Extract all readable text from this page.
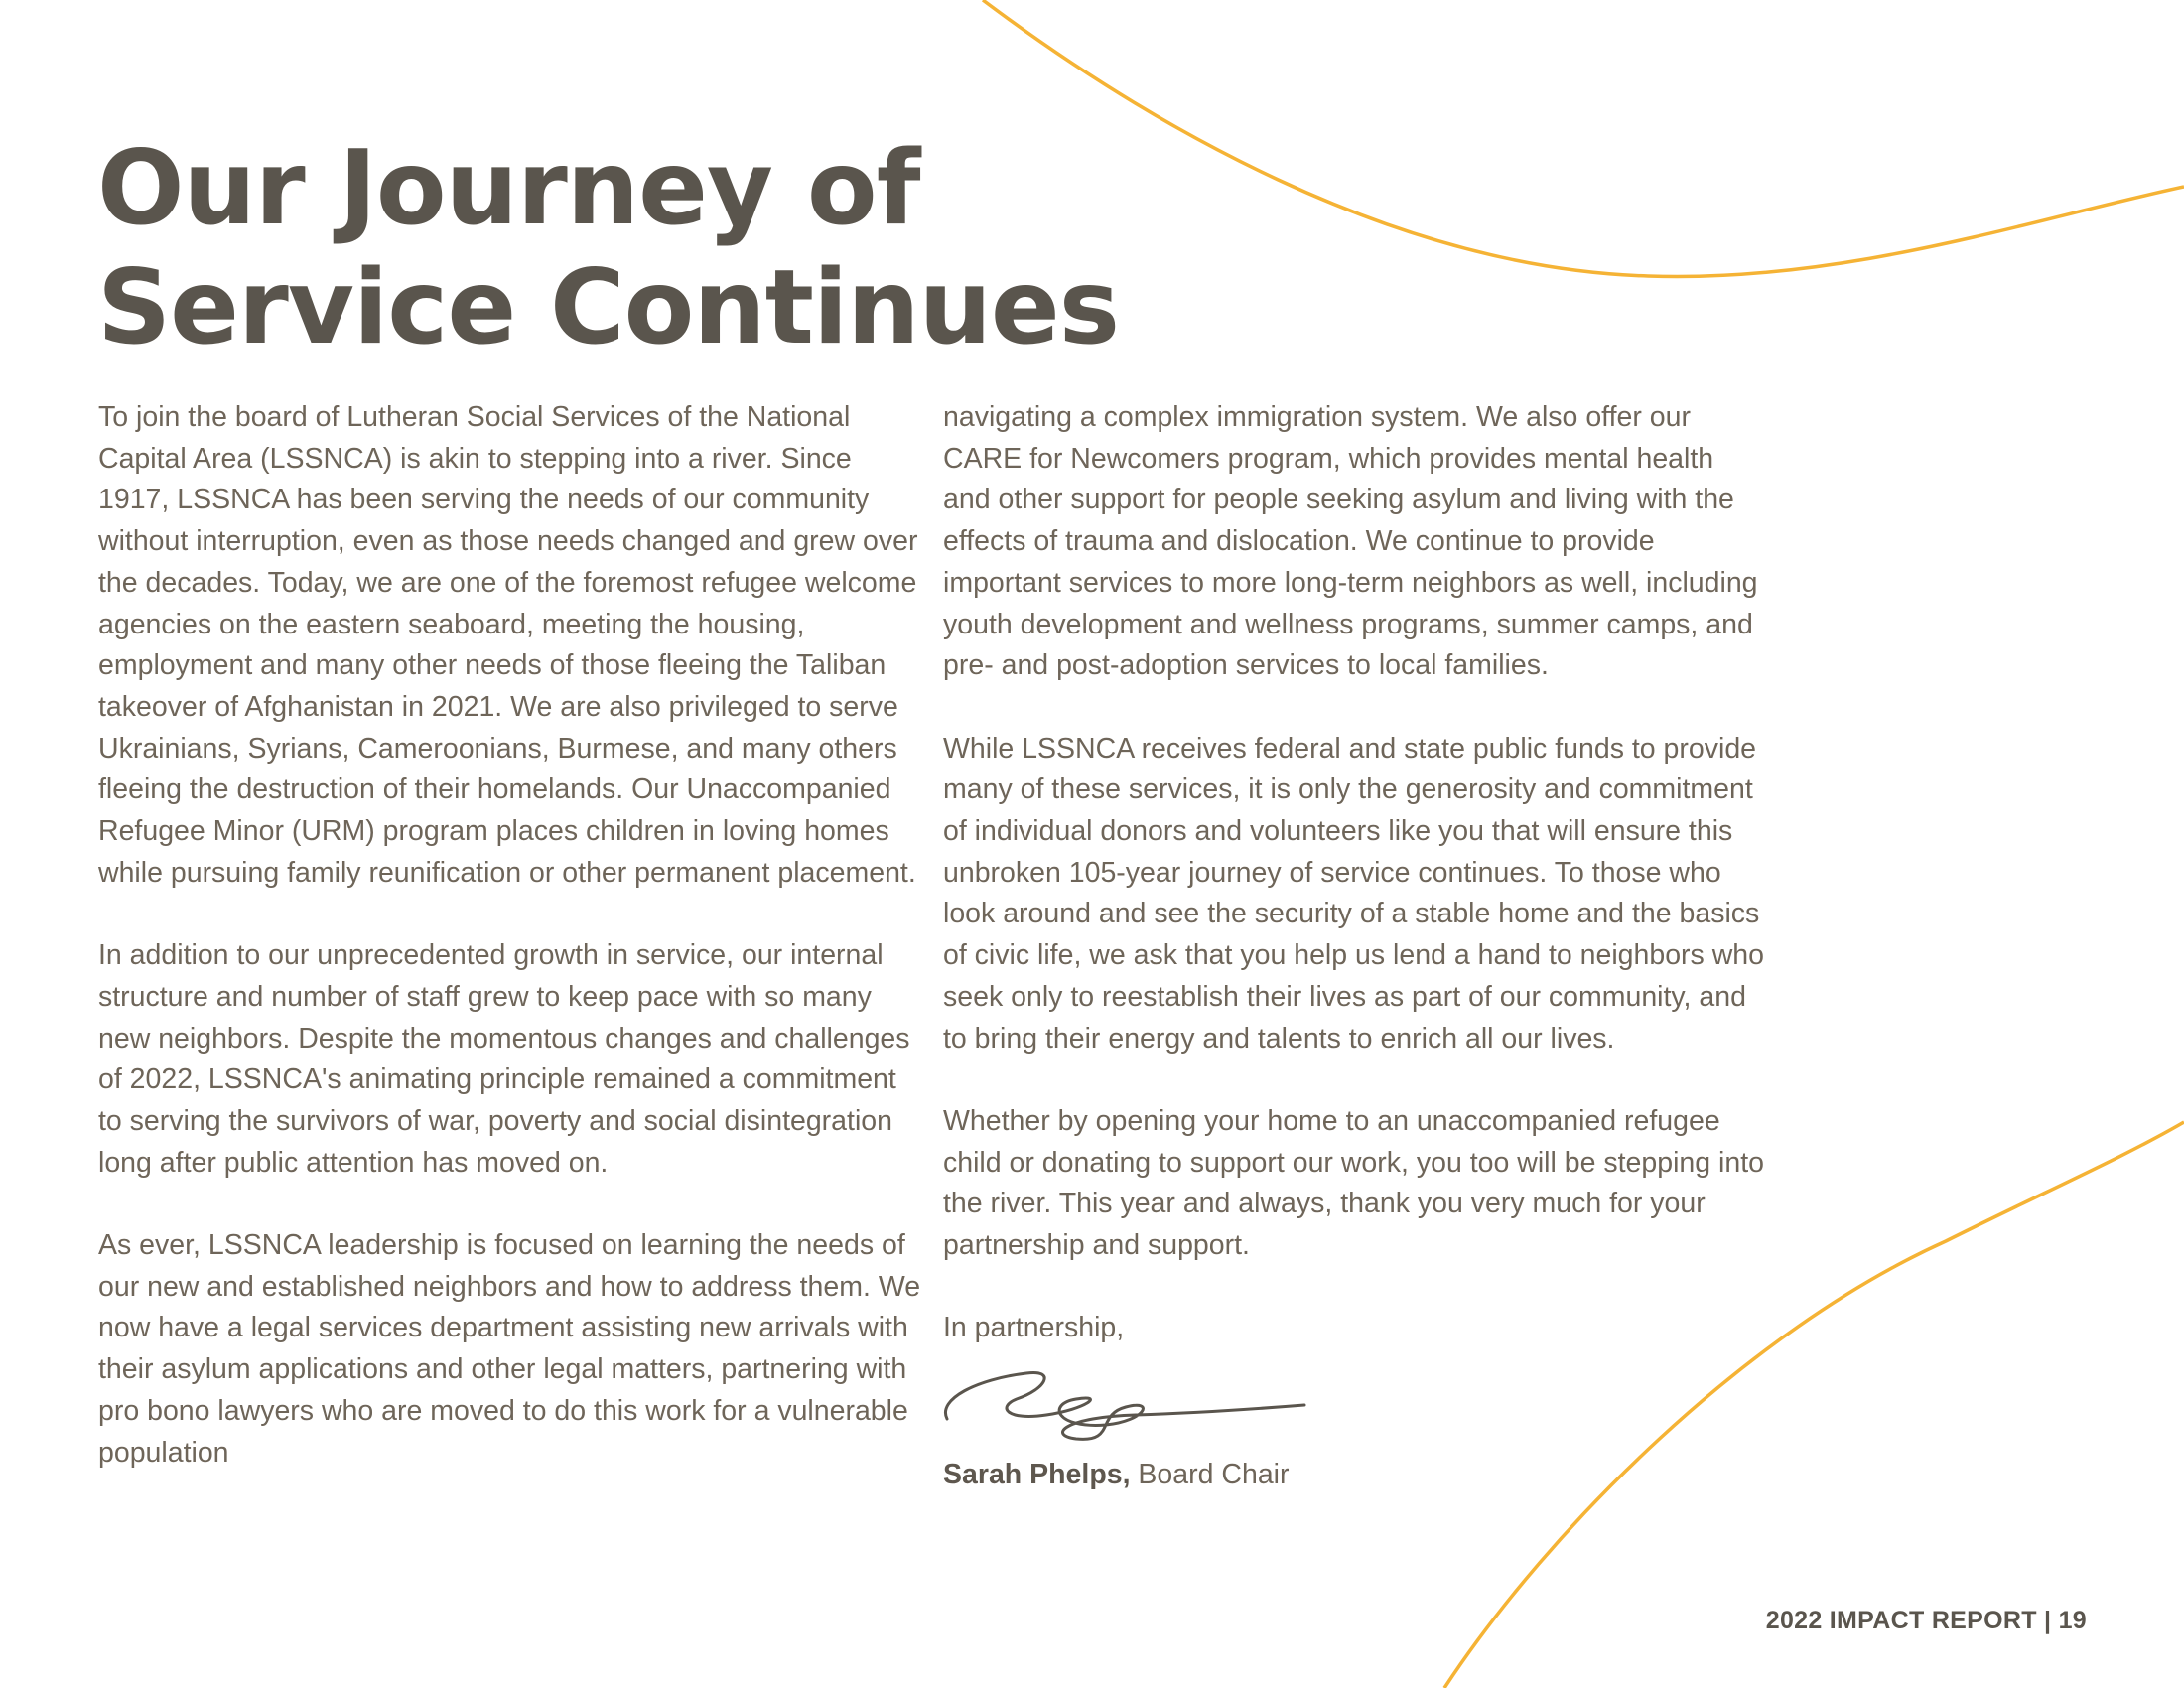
Our Journey of
Service Continues

To join the board of Lutheran Social Services of the National Capital Area (LSSNCA) is akin to stepping into a river. Since 1917, LSSNCA has been serving the needs of our community without interruption, even as those needs changed and grew over the decades. Today, we are one of the foremost refugee welcome agencies on the eastern seaboard, meeting the housing, employment and many other needs of those fleeing the Taliban takeover of Afghanistan in 2021. We are also privileged to serve Ukrainians, Syrians, Cameroonians, Burmese, and many others fleeing the destruction of their homelands. Our Unaccompanied Refugee Minor (URM) program places children in loving homes while pursuing family reunification or other permanent placement.

In addition to our unprecedented growth in service, our internal structure and number of staff grew to keep pace with so many new neighbors. Despite the momentous changes and challenges of 2022, LSSNCA's animating principle remained a commitment to serving the survivors of war, poverty and social disintegration long after public attention has moved on.

As ever, LSSNCA leadership is focused on learning the needs of our new and established neighbors and how to address them. We now have a legal services department assisting new arrivals with their asylum applications and other legal matters, partnering with pro bono lawyers who are moved to do this work for a vulnerable population

navigating a complex immigration system. We also offer our CARE for Newcomers program, which provides mental health and other support for people seeking asylum and living with the effects of trauma and dislocation. We continue to provide important services to more long-term neighbors as well, including youth development and wellness programs, summer camps, and pre- and post-adoption services to local families.

While LSSNCA receives federal and state public funds to provide many of these services, it is only the generosity and commitment of individual donors and volunteers like you that will ensure this unbroken 105-year journey of service continues. To those who look around and see the security of a stable home and the basics of civic life, we ask that you help us lend a hand to neighbors who seek only to reestablish their lives as part of our community, and to bring their energy and talents to enrich all our lives.

Whether by opening your home to an unaccompanied refugee child or donating to support our work, you too will be stepping into the river. This year and always, thank you very much for your partnership and support.

In partnership,

Sarah Phelps, Board Chair
2022 IMPACT REPORT | 19
